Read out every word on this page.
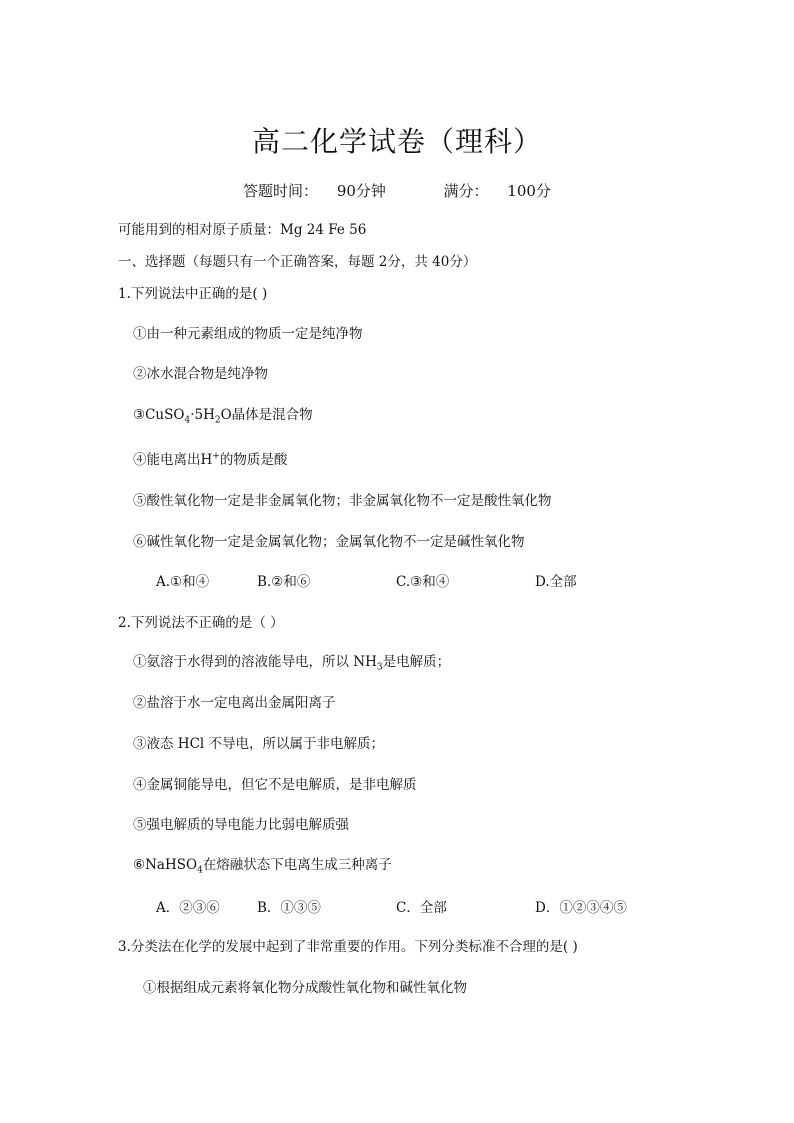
高二化学试卷（理科）
答题时间： 90分钟	满分： 100分
可能用到的相对原子质量：Mg 24 Fe 56
一、选择题（每题只有一个正确答案，每题 2分，共 40分）
1.下列说法中正确的是( )
①由一种元素组成的物质一定是纯净物
②冰水混合物是纯净物
$③CuSO_4\cdot 5H_2O$晶体是混合物
④能电离出H+的物质是酸
⑤酸性氧化物一定是非金属氧化物；非金属氧化物不一定是酸性氧化物
⑥碱性氧化物一定是金属氧化物；金属氧化物不一定是碱性氧化物
A.①和④	B.②和⑥	C.③和④	D.全部
2.下列说法不正确的是（ ）
①氨溶于水得到的溶液能导电，所以 $NH_3$是电解质；
②盐溶于水一定电离出金属阳离子
③液态 HCl 不导电，所以属于非电解质；
④金属铜能导电，但它不是电解质，是非电解质
⑤强电解质的导电能力比弱电解质强
⑥NaHSO$_4$在熔融状态下电离生成三种离子
A．②③⑥	B．①③⑤	C．全部	D．①②③④⑤
3.分类法在化学的发展中起到了非常重要的作用。下列分类标准不合理的是( )
①根据组成元素将氧化物分成酸性氧化物和碱性氧化物
